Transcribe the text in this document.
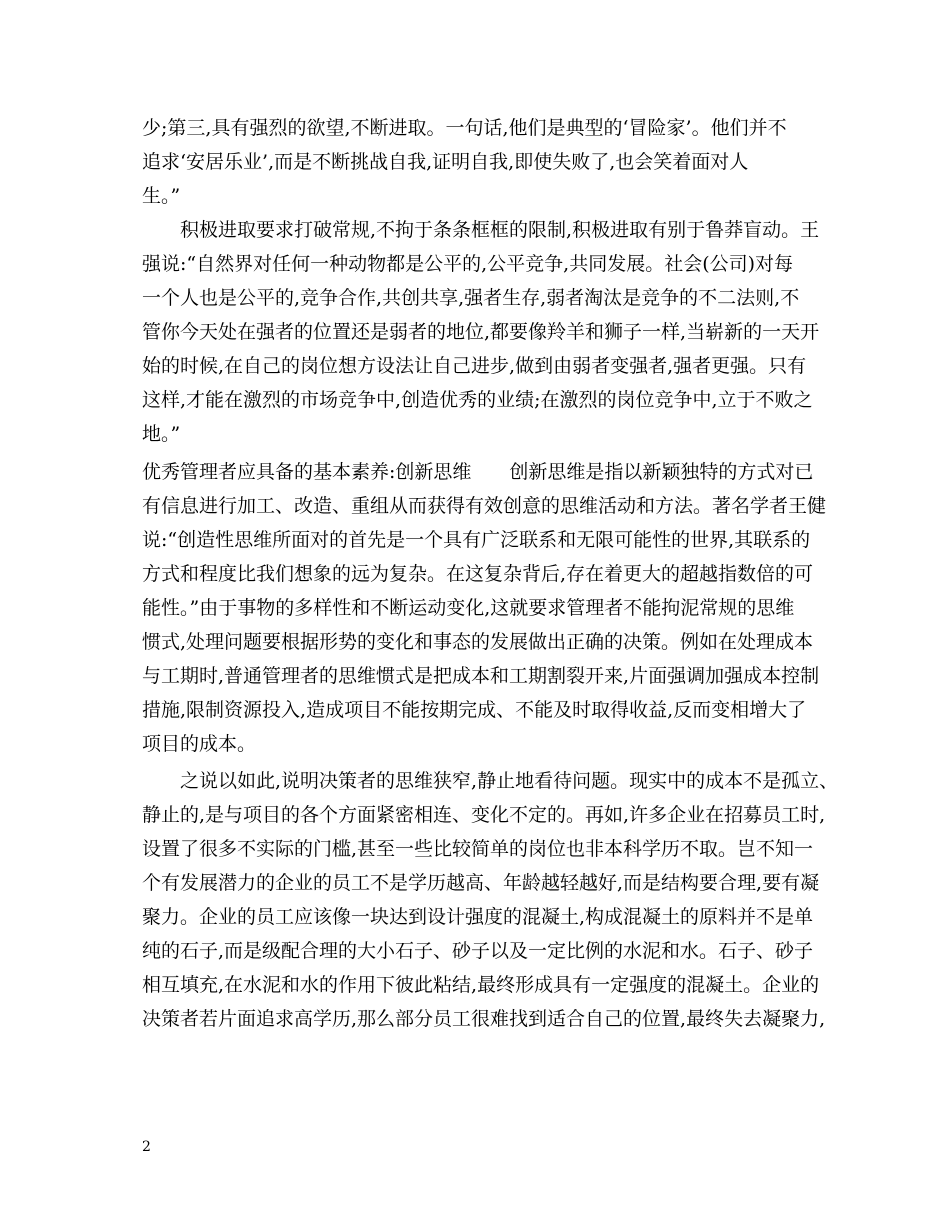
少;第三,具有强烈的欲望,不断进取。一句话,他们是典型的‘冒险家’。他们并不
追求‘安居乐业’,而是不断挑战自我,证明自我,即使失败了,也会笑着面对人
生。”
积极进取要求打破常规,不拘于条条框框的限制,积极进取有别于鲁莽盲动。王
强说:“自然界对任何一种动物都是公平的,公平竞争,共同发展。社会(公司)对每
一个人也是公平的,竞争合作,共创共享,强者生存,弱者淘汰是竞争的不二法则,不
管你今天处在强者的位置还是弱者的地位,都要像羚羊和狮子一样,当崭新的一天开
始的时候,在自己的岗位想方设法让自己进步,做到由弱者变强者,强者更强。只有
这样,才能在激烈的市场竞争中,创造优秀的业绩;在激烈的岗位竞争中,立于不败之
地。”
优秀管理者应具备的基本素养:创新思维　　创新思维是指以新颖独特的方式对已
有信息进行加工、改造、重组从而获得有效创意的思维活动和方法。著名学者王健
说:“创造性思维所面对的首先是一个具有广泛联系和无限可能性的世界,其联系的
方式和程度比我们想象的远为复杂。在这复杂背后,存在着更大的超越指数倍的可
能性。”由于事物的多样性和不断运动变化,这就要求管理者不能拘泥常规的思维
惯式,处理问题要根据形势的变化和事态的发展做出正确的决策。例如在处理成本
与工期时,普通管理者的思维惯式是把成本和工期割裂开来,片面强调加强成本控制
措施,限制资源投入,造成项目不能按期完成、不能及时取得收益,反而变相增大了
项目的成本。
之说以如此,说明决策者的思维狭窄,静止地看待问题。现实中的成本不是孤立、
静止的,是与项目的各个方面紧密相连、变化不定的。再如,许多企业在招募员工时,
设置了很多不实际的门槛,甚至一些比较简单的岗位也非本科学历不取。岂不知一
个有发展潜力的企业的员工不是学历越高、年龄越轻越好,而是结构要合理,要有凝
聚力。企业的员工应该像一块达到设计强度的混凝土,构成混凝土的原料并不是单
纯的石子,而是级配合理的大小石子、砂子以及一定比例的水泥和水。石子、砂子
相互填充,在水泥和水的作用下彼此粘结,最终形成具有一定强度的混凝土。企业的
决策者若片面追求高学历,那么部分员工很难找到适合自己的位置,最终失去凝聚力,
2
